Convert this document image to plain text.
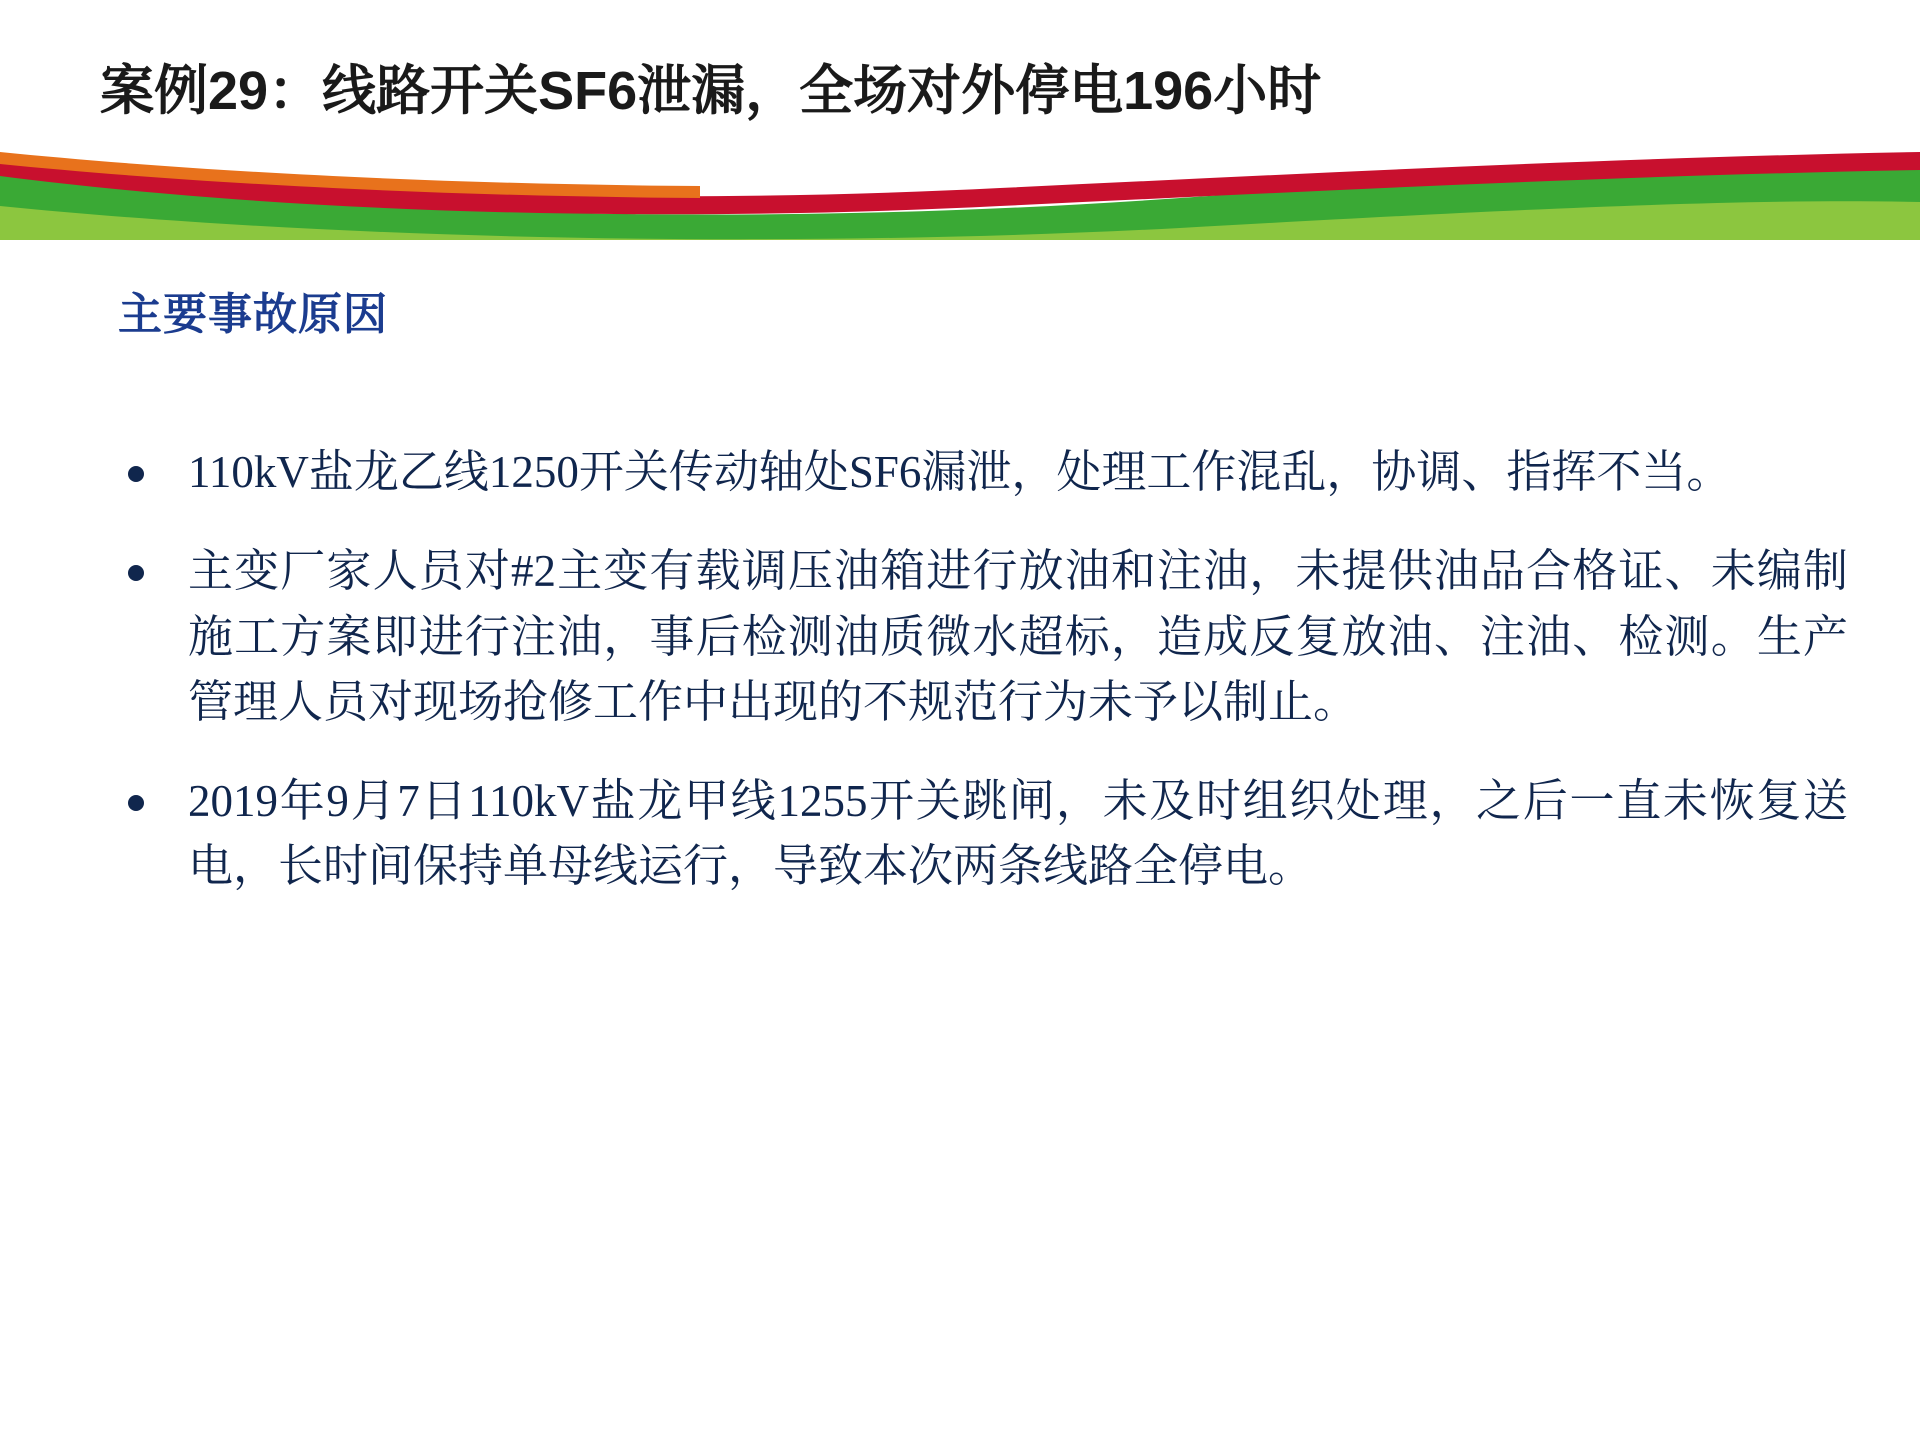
案例29：线路开关SF6泄漏，全场对外停电196小时
主要事故原因
110kV盐龙乙线1250开关传动轴处SF6漏泄，处理工作混乱，协调、指挥不当。
主变厂家人员对#2主变有载调压油箱进行放油和注油，未提供油品合格证、未编制施工方案即进行注油，事后检测油质微水超标，造成反复放油、注油、检测。生产管理人员对现场抢修工作中出现的不规范行为未予以制止。
2019年9月7日110kV盐龙甲线1255开关跳闸，未及时组织处理，之后一直未恢复送电，长时间保持单母线运行，导致本次两条线路全停电。
